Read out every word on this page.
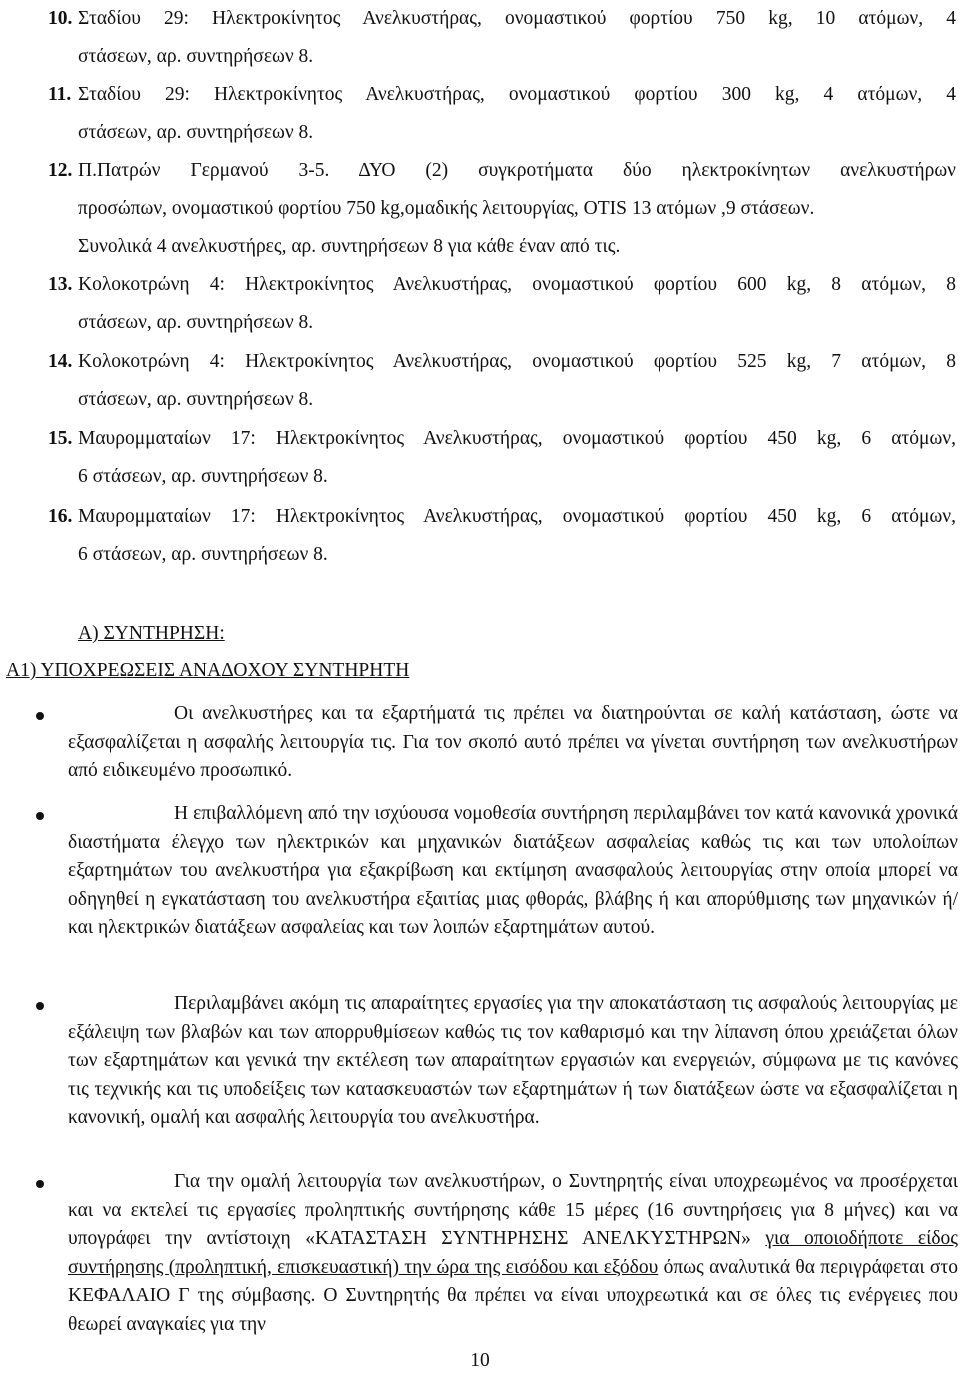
10. Σταδίου 29: Ηλεκτροκίνητος Ανελκυστήρας, ονομαστικού φορτίου 750 kg, 10 ατόμων, 4
στάσεων, αρ. συντηρήσεων 8.
11. Σταδίου 29: Ηλεκτροκίνητος Ανελκυστήρας, ονομαστικού φορτίου 300 kg, 4 ατόμων, 4
στάσεων, αρ. συντηρήσεων 8.
12. Π.Πατρών Γερμανού 3-5. ΔΥΟ (2) συγκροτήματα δύο ηλεκτροκίνητων ανελκυστήρων
προσώπων, ονομαστικού φορτίου 750 kg,ομαδικής λειτουργίας, OTIS 13 ατόμων ,9 στάσεων.
Συνολικά 4 ανελκυστήρες, αρ. συντηρήσεων 8 για κάθε έναν από τις.
13. Κολοκοτρώνη 4: Ηλεκτροκίνητος Ανελκυστήρας, ονομαστικού φορτίου 600 kg, 8 ατόμων, 8
στάσεων, αρ. συντηρήσεων 8.
14. Κολοκοτρώνη 4: Ηλεκτροκίνητος Ανελκυστήρας, ονομαστικού φορτίου 525 kg, 7 ατόμων, 8
στάσεων, αρ. συντηρήσεων 8.
15. Μαυρομματαίων 17: Ηλεκτροκίνητος Ανελκυστήρας, ονομαστικού φορτίου 450 kg, 6 ατόμων,
6 στάσεων, αρ. συντηρήσεων 8.
16. Μαυρομματαίων 17: Ηλεκτροκίνητος Ανελκυστήρας, ονομαστικού φορτίου 450 kg, 6 ατόμων,
6 στάσεων, αρ. συντηρήσεων 8.
Α) ΣΥΝΤΗΡΗΣΗ:
Α1) ΥΠΟΧΡΕΩΣΕΙΣ ΑΝΑΔΟΧΟΥ ΣΥΝΤΗΡΗΤΗ
Οι ανελκυστήρες και τα εξαρτήματά τις πρέπει να διατηρούνται σε καλή κατάσταση, ώστε να εξασφαλίζεται η ασφαλής λειτουργία τις. Για τον σκοπό αυτό πρέπει να γίνεται συντήρηση των ανελκυστήρων από ειδικευμένο προσωπικό.
Η επιβαλλόμενη από την ισχύουσα νομοθεσία συντήρηση περιλαμβάνει τον κατά κανονικά χρονικά διαστήματα έλεγχο των ηλεκτρικών και μηχανικών διατάξεων ασφαλείας καθώς τις και των υπολοίπων εξαρτημάτων του ανελκυστήρα για εξακρίβωση και εκτίμηση ανασφαλούς λειτουργίας στην οποία μπορεί να οδηγηθεί η εγκατάσταση του ανελκυστήρα εξαιτίας μιας φθοράς, βλάβης ή και απορύθμισης των μηχανικών ή/και ηλεκτρικών διατάξεων ασφαλείας και των λοιπών εξαρτημάτων αυτού.
Περιλαμβάνει ακόμη τις απαραίτητες εργασίες για την αποκατάσταση τις ασφαλούς λειτουργίας με εξάλειψη των βλαβών και των απορρυθμίσεων καθώς τις τον καθαρισμό και την λίπανση όπου χρειάζεται όλων των εξαρτημάτων και γενικά την εκτέλεση των απαραίτητων εργασιών και ενεργειών, σύμφωνα με τις κανόνες τις τεχνικής και τις υποδείξεις των κατασκευαστών των εξαρτημάτων ή των διατάξεων ώστε να εξασφαλίζεται η κανονική, ομαλή και ασφαλής λειτουργία του ανελκυστήρα.
Για την ομαλή λειτουργία των ανελκυστήρων, ο Συντηρητής είναι υποχρεωμένος να προσέρχεται και να εκτελεί τις εργασίες προληπτικής συντήρησης κάθε 15 μέρες (16 συντηρήσεις για 8 μήνες) και να υπογράφει την αντίστοιχη «ΚΑΤΑΣΤΑΣΗ ΣΥΝΤΗΡΗΣΗΣ ΑΝΕΛΚΥΣΤΗΡΩΝ» για οποιοδήποτε είδος συντήρησης (προληπτική, επισκευαστική) την ώρα της εισόδου και εξόδου όπως αναλυτικά θα περιγράφεται στο ΚΕΦΑΛΑΙΟ Γ της σύμβασης. Ο Συντηρητής θα πρέπει να είναι υποχρεωτικά και σε όλες τις ενέργειες που θεωρεί αναγκαίες για την
10
